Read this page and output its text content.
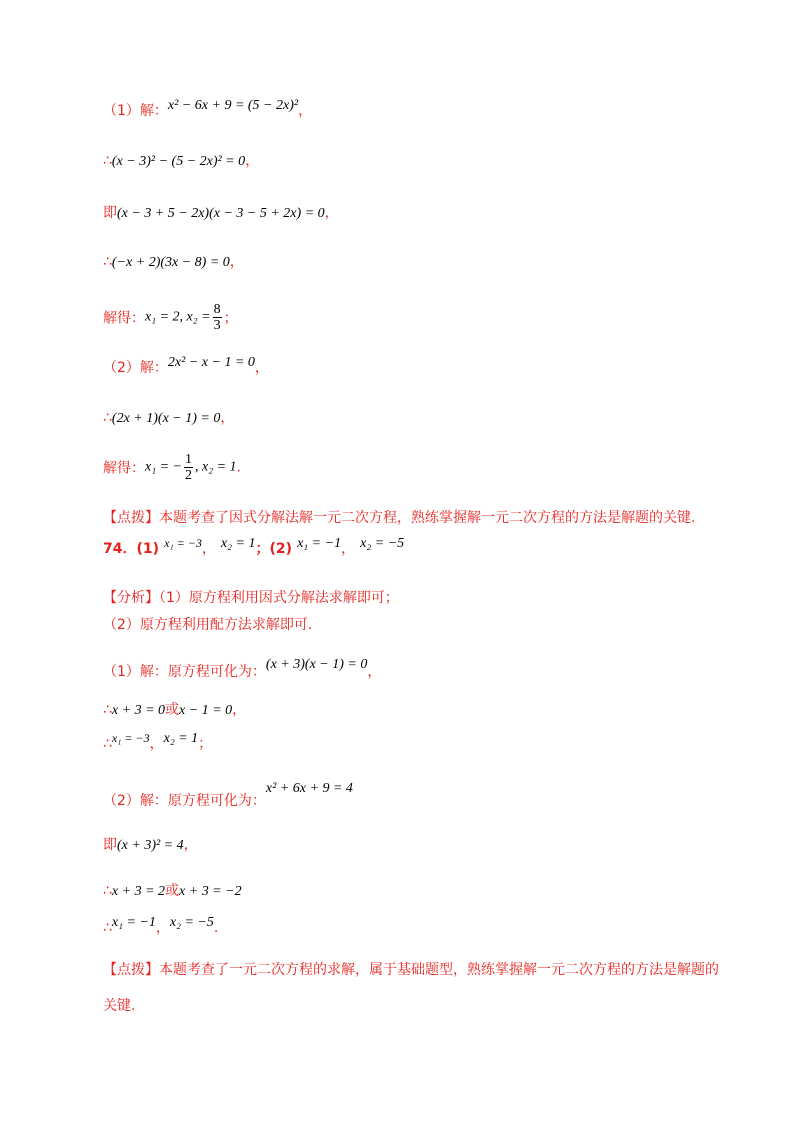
（1）解：x² − 6x + 9 = (5 − 2x)²，
∴(x − 3)² − (5 − 2x)² = 0，
即(x − 3 + 5 − 2x)(x − 3 − 5 + 2x) = 0，
∴(−x + 2)(3x − 8) = 0，
解得：x₁ = 2, $x_2 = \frac{8}{3}$ ；
（2）解：2x² − x − 1 = 0，
∴(2x + 1)(x − 1) = 0，
解得：x₁ = − $\frac{1}{2}$ , x₂ = 1.
【点拨】本题考查了因式分解法解一元二次方程，熟练掌握解一元二次方程的方法是解题的关键.
74．(1) $^{x_1 = -3}$， x₂ = 1；(2) x₁ = −1， x₂ = −5
【分析】（1）原方程利用因式分解法求解即可；
（2）原方程利用配方法求解即可.
（1）解：原方程可化为：(x + 3)(x − 1) = 0，
∴x + 3 = 0或x − 1 = 0，
∴$^{x_1 = -3}$，x₂ = 1；
（2）解：原方程可化为：x² + 6x + 9 = 4
即(x + 3)² = 4，
∴x + 3 = 2或x + 3 = −2
∴x₁ = −1，x₂ = −5.
【点拨】本题考查了一元二次方程的求解，属于基础题型，熟练掌握解一元二次方程的方法是解题的
关键.
